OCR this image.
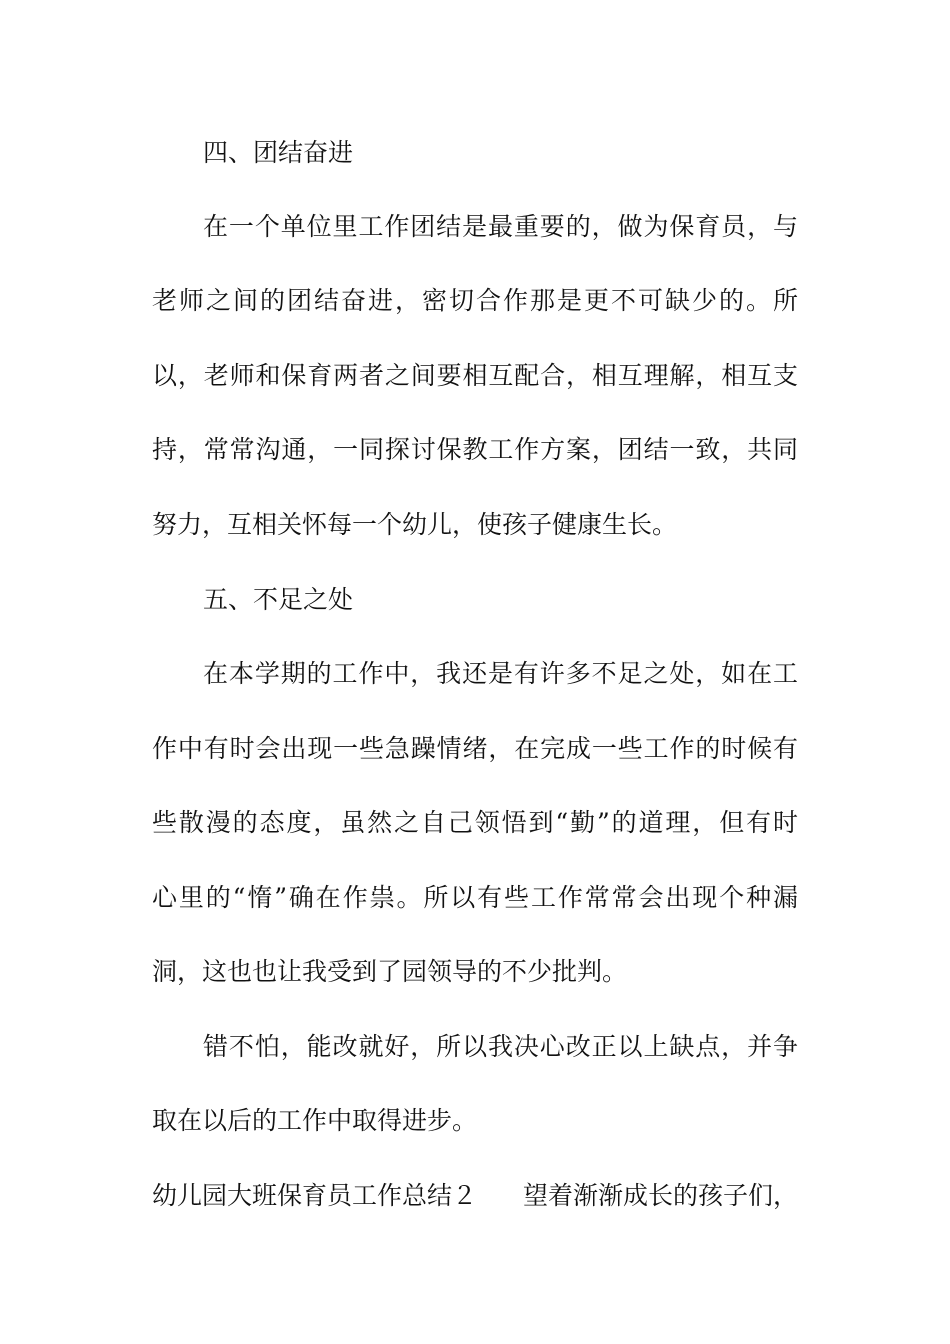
四、团结奋进
在一个单位里工作团结是最重要的，做为保育员，与
老师之间的团结奋进，密切合作那是更不可缺少的。所
以，老师和保育两者之间要相互配合，相互理解，相互支
持，常常沟通，一同探讨保教工作方案，团结一致，共同
努力，互相关怀每一个幼儿，使孩子健康生长。
五、不足之处
在本学期的工作中，我还是有许多不足之处，如在工
作中有时会出现一些急躁情绪，在完成一些工作的时候有
些散漫的态度，虽然之自己领悟到“勤”的道理，但有时
心里的“惰”确在作祟。所以有些工作常常会出现个种漏
洞，这也也让我受到了园领导的不少批判。
错不怕，能改就好，所以我决心改正以上缺点，并争
取在以后的工作中取得进步。
幼儿园大班保育员工作总结２ 望着渐渐成长的孩子们，
